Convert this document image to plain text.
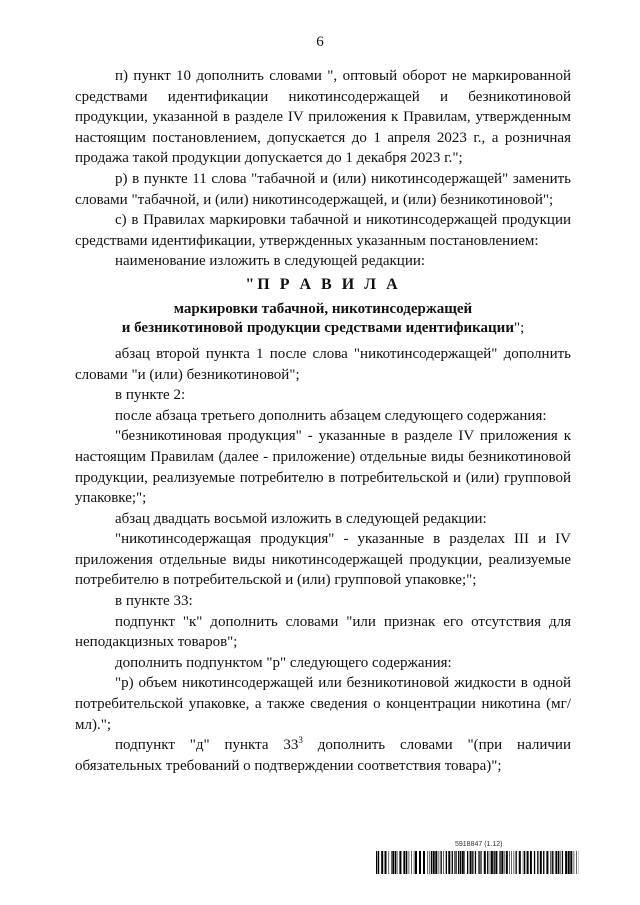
6

п) пункт 10 дополнить словами ", оптовый оборот не маркированной средствами идентификации никотинсодержащей и безникотиновой продукции, указанной в разделе IV приложения к Правилам, утвержденным настоящим постановлением, допускается до 1 апреля 2023 г., а розничная продажа такой продукции допускается до 1 декабря 2023 г.";

р) в пункте 11 слова "табачной и (или) никотинсодержащей" заменить словами "табачной, и (или) никотинсодержащей, и (или) безникотиновой";

с) в Правилах маркировки табачной и никотинсодержащей продукции средствами идентификации, утвержденных указанным постановлением:

наименование изложить в следующей редакции:

"П Р А В И Л А

маркировки табачной, никотинсодержащей

и безникотиновой продукции средствами идентификации";

абзац второй пункта 1 после слова "никотинсодержащей" дополнить словами "и (или) безникотиновой";

в пункте 2:

после абзаца третьего дополнить абзацем следующего содержания:

"безникотиновая продукция" - указанные в разделе IV приложения к настоящим Правилам (далее - приложение) отдельные виды безникотиновой продукции, реализуемые потребителю в потребительской и (или) групповой упаковке;";

абзац двадцать восьмой изложить в следующей редакции:

"никотинсодержащая продукция" - указанные в разделах III и IV приложения отдельные виды никотинсодержащей продукции, реализуемые потребителю в потребительской и (или) групповой упаковке;";

в пункте 33:

подпункт "к" дополнить словами "или признак его отсутствия для неподакцизных товаров";

дополнить подпунктом "р" следующего содержания:

"р) объем никотинсодержащей или безникотиновой жидкости в одной потребительской упаковке, а также сведения о концентрации никотина (мг/мл).";

подпункт "д" пункта $33^3$ дополнить словами "(при наличии обязательных требований о подтверждении соответствия товара)";

5918847 (1.12)
